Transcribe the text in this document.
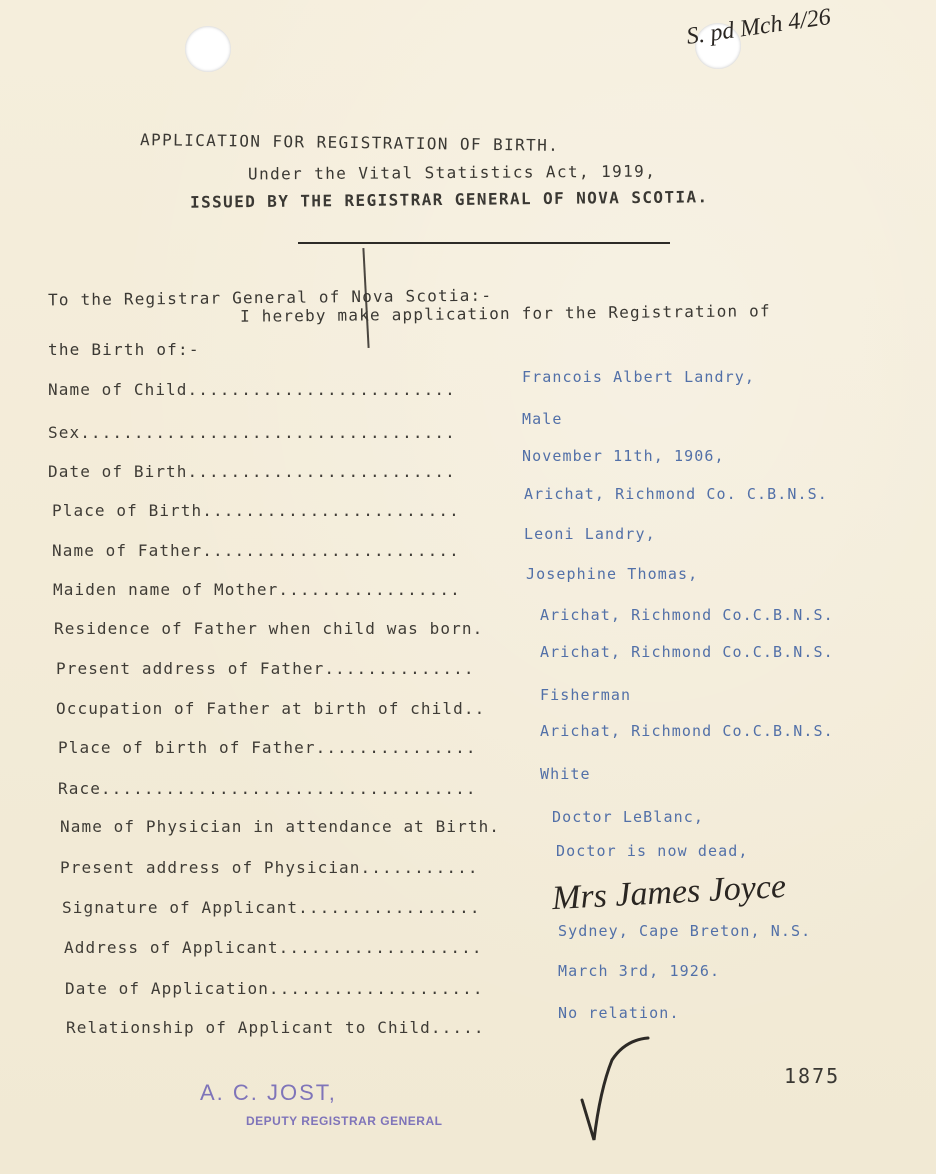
S. pd Mch 4/26
APPLICATION FOR REGISTRATION OF BIRTH.
Under the Vital Statistics Act, 1919,
ISSUED BY THE REGISTRAR GENERAL OF NOVA SCOTIA.
To the Registrar General of Nova Scotia:-
I hereby make application for the Registration of
the Birth of:-
Name of Child.........................
Francois Albert Landry,
Sex...................................
Male
Date of Birth.........................
November 11th, 1906,
Place of Birth........................
Arichat, Richmond Co. C.B.N.S.
Name of Father........................
Leoni Landry,
Maiden name of Mother.................
Josephine Thomas,
Residence of Father when child was born.
Arichat, Richmond Co.C.B.N.S.
Present address of Father..............
Arichat, Richmond Co.C.B.N.S.
Occupation of Father at birth of child..
Fisherman
Place of birth of Father...............
Arichat, Richmond Co.C.B.N.S.
Race...................................
White
Name of Physician in attendance at Birth.	Doctor LeBlanc,
Present address of Physician...........
Doctor is now dead,
Signature of Applicant................. Mrs James Joyce
Address of Applicant...................
Sydney, Cape Breton, N.S.
Date of Application....................
March 3rd, 1926.
Relationship of Applicant to Child.....
No relation.
1875
A. C. JOST,
DEPUTY REGISTRAR GENERAL
